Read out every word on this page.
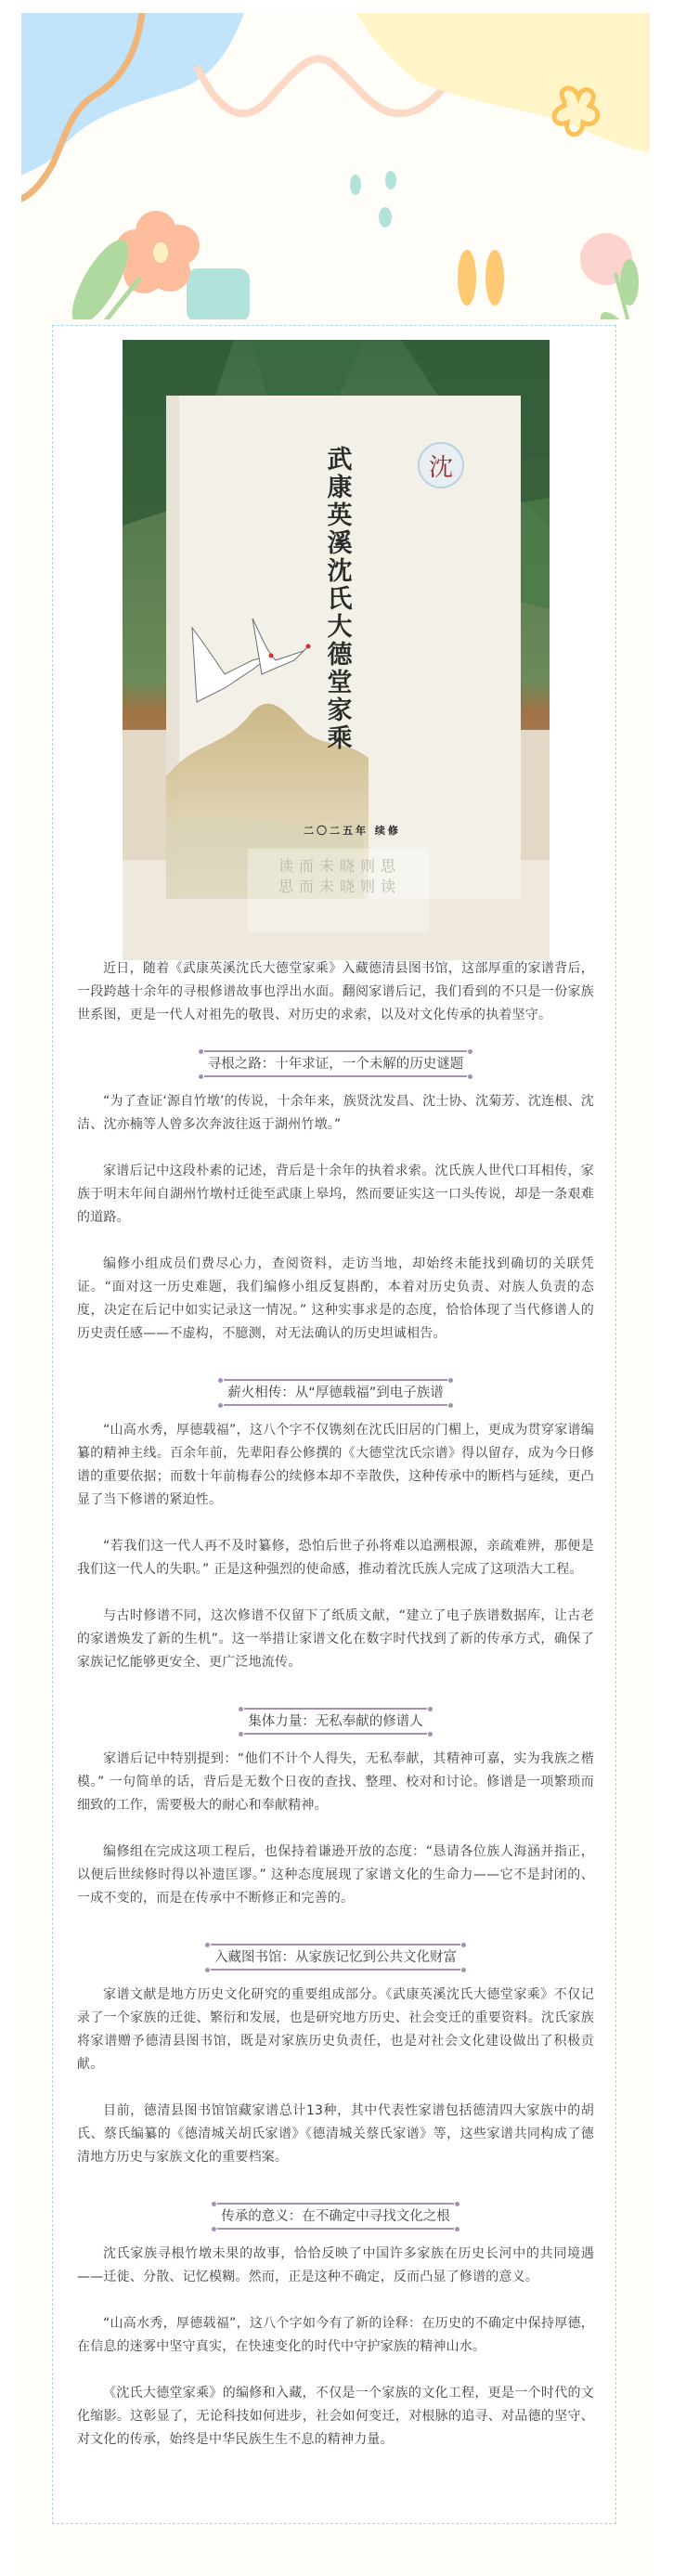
沈
武
康
英
溪
沈
氏
大
德
堂
家
乘
二〇二五年 续修
读而未晓则思
思而未晓则读

近日，随着《武康英溪沈氏大德堂家乘》入藏德清县图书馆，这部厚重的家谱背后，一段跨越十余年的寻根修谱故事也浮出水面。翻阅家谱后记，我们看到的不只是一份家族世系图，更是一代人对祖先的敬畏、对历史的求索，以及对文化传承的执着坚守。

寻根之路：十年求证，一个未解的历史谜题

“为了查证‘源自竹墩’的传说，十余年来，族贤沈发昌、沈士协、沈菊芳、沈连根、沈洁、沈亦楠等人曾多次奔波往返于湖州竹墩。”

家谱后记中这段朴素的记述，背后是十余年的执着求索。沈氏族人世代口耳相传，家族于明末年间自湖州竹墩村迁徙至武康上皋坞，然而要证实这一口头传说，却是一条艰难的道路。

编修小组成员们费尽心力，查阅资料，走访当地，却始终未能找到确切的关联凭证。“面对这一历史难题，我们编修小组反复斟酌，本着对历史负责、对族人负责的态度，决定在后记中如实记录这一情况。” 这种实事求是的态度，恰恰体现了当代修谱人的历史责任感——不虚构，不臆测，对无法确认的历史坦诚相告。

薪火相传：从“厚德载福”到电子族谱

“山高水秀，厚德载福”，这八个字不仅镌刻在沈氏旧居的门楣上，更成为贯穿家谱编纂的精神主线。百余年前，先辈阳春公修撰的《大德堂沈氏宗谱》得以留存，成为今日修谱的重要依据；而数十年前梅春公的续修本却不幸散佚，这种传承中的断档与延续，更凸显了当下修谱的紧迫性。

“若我们这一代人再不及时纂修，恐怕后世子孙将难以追溯根源，亲疏难辨，那便是我们这一代人的失职。” 正是这种强烈的使命感，推动着沈氏族人完成了这项浩大工程。

与古时修谱不同，这次修谱不仅留下了纸质文献，“建立了电子族谱数据库，让古老的家谱焕发了新的生机”。这一举措让家谱文化在数字时代找到了新的传承方式，确保了家族记忆能够更安全、更广泛地流传。

集体力量：无私奉献的修谱人

家谱后记中特别提到：“他们不计个人得失，无私奉献，其精神可嘉，实为我族之楷模。” 一句简单的话，背后是无数个日夜的查找、整理、校对和讨论。修谱是一项繁琐而细致的工作，需要极大的耐心和奉献精神。

编修组在完成这项工程后，也保持着谦逊开放的态度：“恳请各位族人海涵并指正，以便后世续修时得以补遗匡谬。” 这种态度展现了家谱文化的生命力——它不是封闭的、一成不变的，而是在传承中不断修正和完善的。

入藏图书馆：从家族记忆到公共文化财富

家谱文献是地方历史文化研究的重要组成部分。《武康英溪沈氏大德堂家乘》不仅记录了一个家族的迁徙、繁衍和发展，也是研究地方历史、社会变迁的重要资料。沈氏家族将家谱赠予德清县图书馆，既是对家族历史负责任，也是对社会文化建设做出了积极贡献。

目前，德清县图书馆馆藏家谱总计13种，其中代表性家谱包括德清四大家族中的胡氏、蔡氏编纂的《德清城关胡氏家谱》《德清城关蔡氏家谱》等，这些家谱共同构成了德清地方历史与家族文化的重要档案。

传承的意义：在不确定中寻找文化之根

沈氏家族寻根竹墩未果的故事，恰恰反映了中国许多家族在历史长河中的共同境遇——迁徙、分散、记忆模糊。然而，正是这种不确定，反而凸显了修谱的意义。

“山高水秀，厚德载福”，这八个字如今有了新的诠释：在历史的不确定中保持厚德，在信息的迷雾中坚守真实，在快速变化的时代中守护家族的精神山水。

《沈氏大德堂家乘》的编修和入藏，不仅是一个家族的文化工程，更是一个时代的文化缩影。这彰显了，无论科技如何进步，社会如何变迁，对根脉的追寻、对品德的坚守、对文化的传承，始终是中华民族生生不息的精神力量。
